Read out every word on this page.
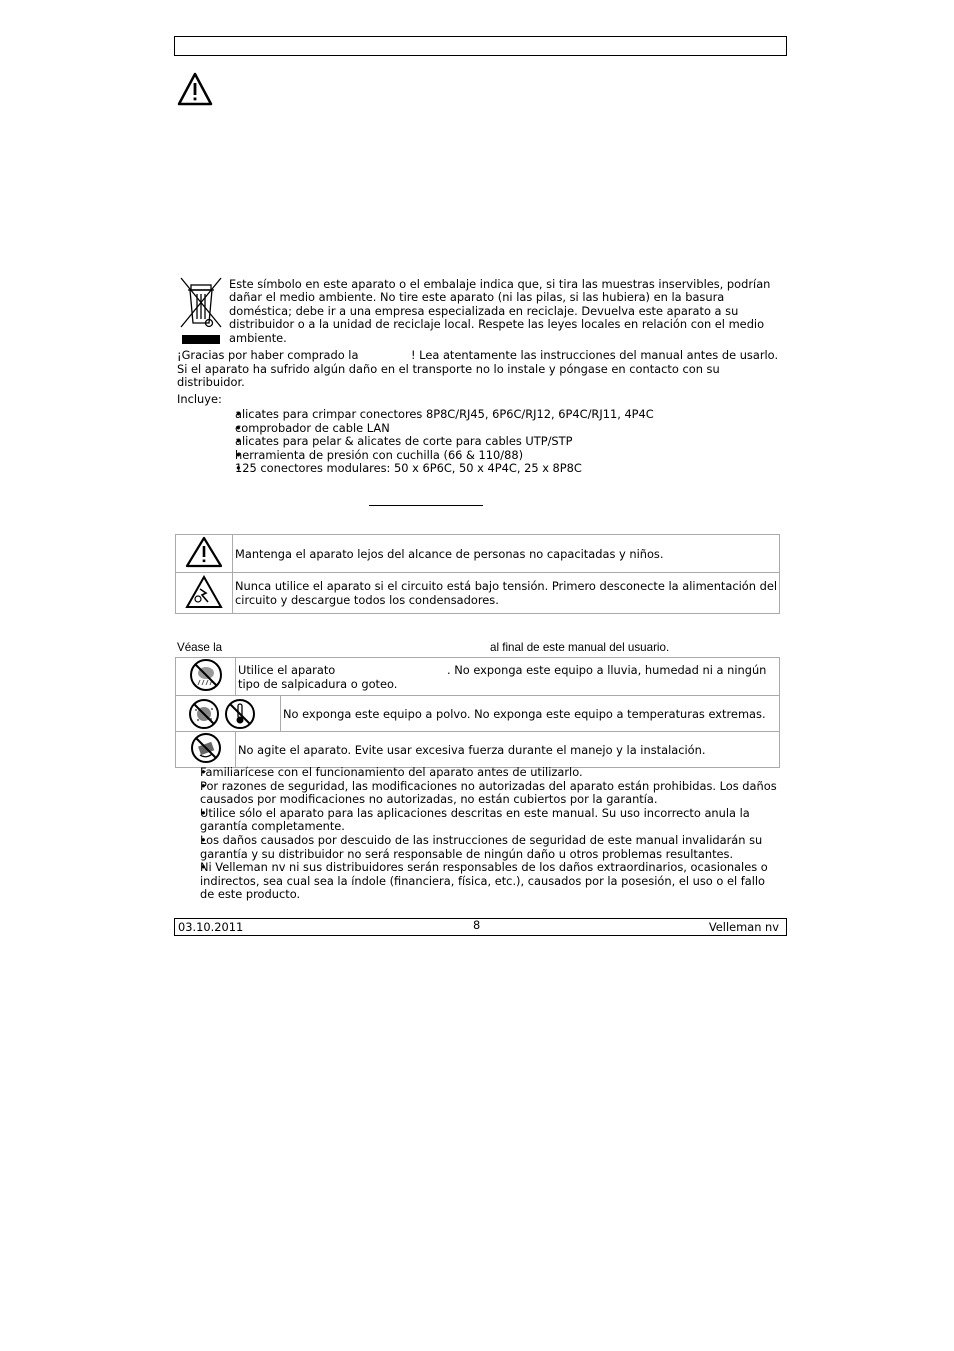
Este símbolo en este aparato o el embalaje indica que, si tira las muestras inservibles, podrían
dañar el medio ambiente. No tire este aparato (ni las pilas, si las hubiera) en la basura
doméstica; debe ir a una empresa especializada en reciclaje. Devuelva este aparato a su
distribuidor o a la unidad de reciclaje local. Respete las leyes locales en relación con el medio
ambiente.
¡Gracias por haber comprado la	! Lea atentamente las instrucciones del manual antes de usarlo.
Si el aparato ha sufrido algún daño en el transporte no lo instale y póngase en contacto con su
distribuidor.
Incluye:
• alicates para crimpar conectores 8P8C/RJ45, 6P6C/RJ12, 6P4C/RJ11, 4P4C
• comprobador de cable LAN
• alicates para pelar & alicates de corte para cables UTP/STP
• herramienta de presión con cuchilla (66 & 110/88)
• 125 conectores modulares: 50 x 6P6C, 50 x 4P4C, 25 x 8P8C
	Mantenga el aparato lejos del alcance de personas no capacitadas y niños.

Nunca utilice el aparato si el circuito está bajo tensión. Primero desconecte la alimentación del
circuito y descargue todos los condensadores.
Véase la	al final de este manual del usuario.

Utilice el aparato . No exponga este equipo a lluvia, humedad ni a ningún
tipo de salpicadura o goteo.	

	No exponga este equipo a polvo. No exponga este equipo a temperaturas extremas.

	No agite el aparato. Evite usar excesiva fuerza durante el manejo y la instalación.	
• Familiarícese con el funcionamiento del aparato antes de utilizarlo.
• Por razones de seguridad, las modificaciones no autorizadas del aparato están prohibidas. Los daños
causados por modificaciones no autorizadas, no están cubiertos por la garantía.
• Utilice sólo el aparato para las aplicaciones descritas en este manual. Su uso incorrecto anula la
garantía completamente.
• Los daños causados por descuido de las instrucciones de seguridad de este manual invalidarán su
garantía y su distribuidor no será responsable de ningún daño u otros problemas resultantes.
• Ni Velleman nv ni sus distribuidores serán responsables de los daños extraordinarios, ocasionales o
indirectos, sea cual sea la índole (financiera, física, etc.), causados por la posesión, el uso o el fallo
de este producto.
03.10.2011	8	Velleman nv
